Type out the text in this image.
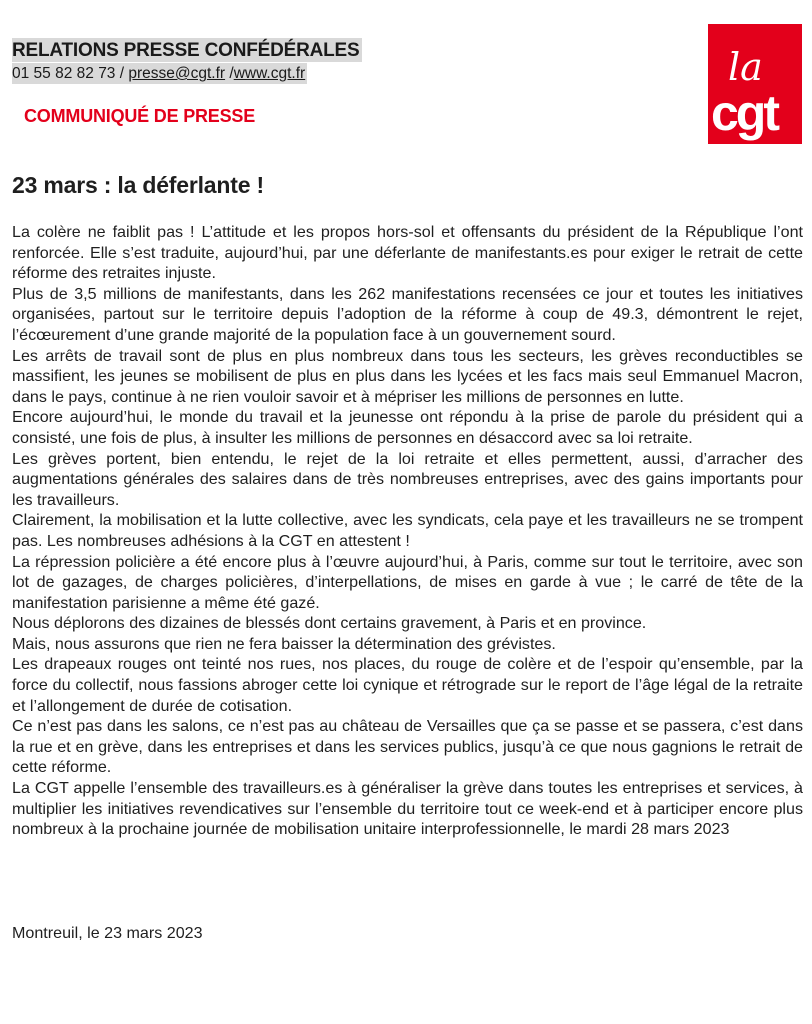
RELATIONS PRESSE CONFÉDÉRALES
01 55 82 82 73 / presse@cgt.fr /www.cgt.fr
COMMUNIQUÉ DE PRESSE
la
cgt
23 mars : la déferlante !

La colère ne faiblit pas ! L’attitude et les propos hors-sol et offensants du président de la République l’ont renforcée. Elle s’est traduite, aujourd’hui, par une déferlante de manifestants.es pour exiger le retrait de cette réforme des retraites injuste.

Plus de 3,5 millions de manifestants, dans les 262 manifestations recensées ce jour et toutes les initiatives organisées, partout sur le territoire depuis l’adoption de la réforme à coup de 49.3, démontrent le rejet, l’écœurement d’une grande majorité de la population face à un gouvernement sourd.

Les arrêts de travail sont de plus en plus nombreux dans tous les secteurs, les grèves reconductibles se massifient, les jeunes se mobilisent de plus en plus dans les lycées et les facs mais seul Emmanuel Macron, dans le pays, continue à ne rien vouloir savoir et à mépriser les millions de personnes en lutte.

Encore aujourd’hui, le monde du travail et la jeunesse ont répondu à la prise de parole du président qui a consisté, une fois de plus, à insulter les millions de personnes en désaccord avec sa loi retraite.

Les grèves portent, bien entendu, le rejet de la loi retraite et elles permettent, aussi, d’arracher des augmentations générales des salaires dans de très nombreuses entreprises, avec des gains importants pour les travailleurs.

Clairement, la mobilisation et la lutte collective, avec les syndicats, cela paye et les travailleurs ne se trompent pas. Les nombreuses adhésions à la CGT en attestent !

La répression policière a été encore plus à l’œuvre aujourd’hui, à Paris, comme sur tout le territoire, avec son lot de gazages, de charges policières, d’interpellations, de mises en garde à vue ; le carré de tête de la manifestation parisienne a même été gazé.

Nous déplorons des dizaines de blessés dont certains gravement, à Paris et en province.

Mais, nous assurons que rien ne fera baisser la détermination des grévistes.

Les drapeaux rouges ont teinté nos rues, nos places, du rouge de colère et de l’espoir qu’ensemble, par la force du collectif, nous fassions abroger cette loi cynique et rétrograde sur le report de l’âge légal de la retraite et l’allongement de durée de cotisation.

Ce n’est pas dans les salons, ce n’est pas au château de Versailles que ça se passe et se passera, c’est dans la rue et en grève, dans les entreprises et dans les services publics, jusqu’à ce que nous gagnions le retrait de cette réforme.

La CGT appelle l’ensemble des travailleurs.es à généraliser la grève dans toutes les entreprises et services, à multiplier les initiatives revendicatives sur l’ensemble du territoire tout ce week-end et à participer encore plus nombreux à la prochaine journée de mobilisation unitaire interprofessionnelle, le mardi 28 mars 2023

Montreuil, le 23 mars 2023
